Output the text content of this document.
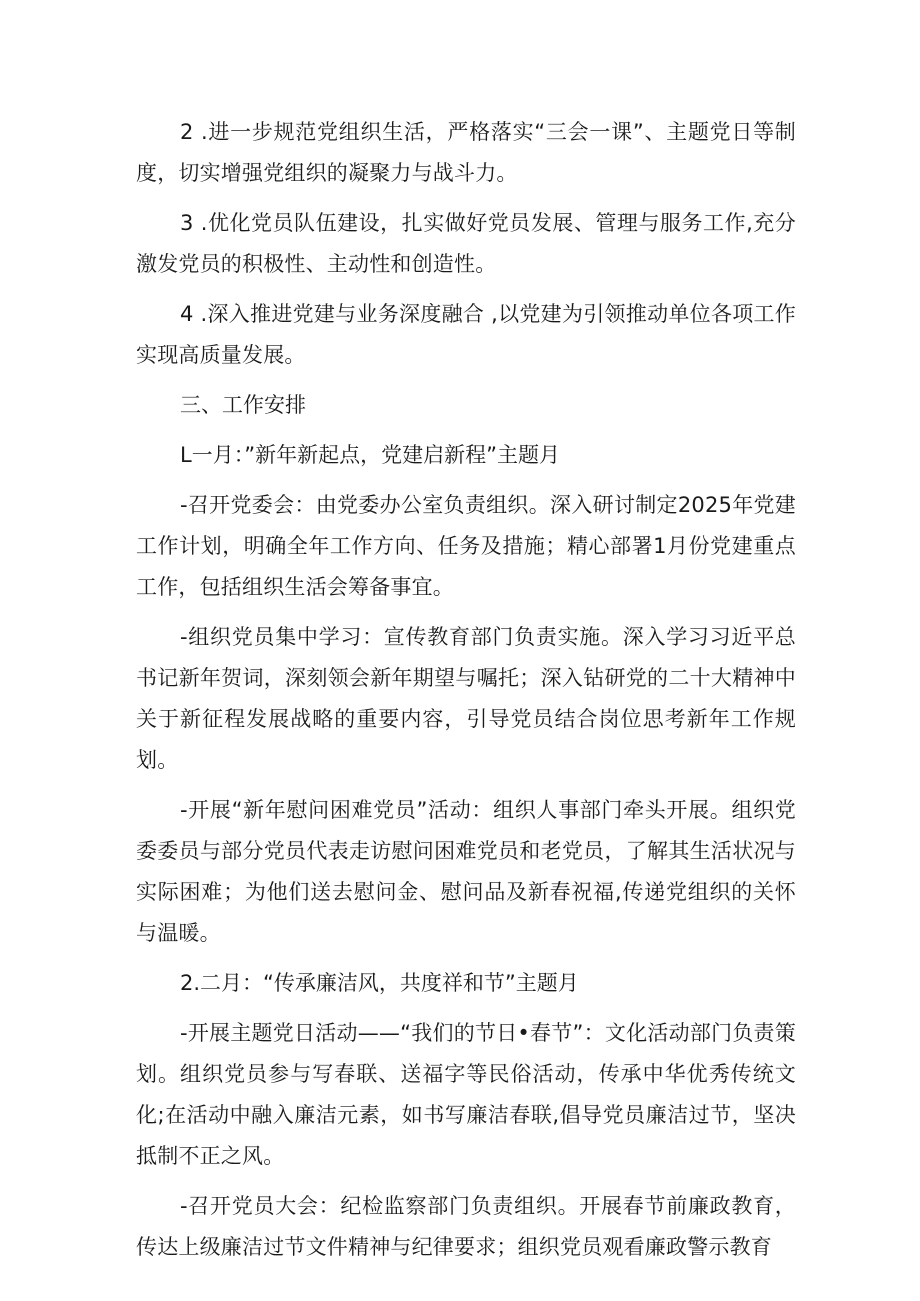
2 .进一步规范党组织生活，严格落实“三会一课”、主题党日等制度，切实增强党组织的凝聚力与战斗力。

3 .优化党员队伍建设，扎实做好党员发展、管理与服务工作,充分激发党员的积极性、主动性和创造性。

4 .深入推进党建与业务深度融合 ,以党建为引领推动单位各项工作实现高质量发展。

三、工作安排

L一月：”新年新起点，党建启新程”主题月

-召开党委会：由党委办公室负责组织。深入研讨制定2025年党建工作计划，明确全年工作方向、任务及措施；精心部署1月份党建重点工作，包括组织生活会筹备事宜。

-组织党员集中学习：宣传教育部门负责实施。深入学习习近平总书记新年贺词，深刻领会新年期望与嘱托；深入钻研党的二十大精神中关于新征程发展战略的重要内容，引导党员结合岗位思考新年工作规划。

-开展“新年慰问困难党员”活动：组织人事部门牵头开展。组织党委委员与部分党员代表走访慰问困难党员和老党员，了解其生活状况与实际困难；为他们送去慰问金、慰问品及新春祝福,传递党组织的关怀与温暖。

2.二月：“传承廉洁风，共度祥和节”主题月

-开展主题党日活动——“我们的节日•春节”：文化活动部门负责策划。组织党员参与写春联、送福字等民俗活动，传承中华优秀传统文化;在活动中融入廉洁元素，如书写廉洁春联,倡导党员廉洁过节，坚决抵制不正之风。

-召开党员大会：纪检监察部门负责组织。开展春节前廉政教育，传达上级廉洁过节文件精神与纪律要求；组织党员观看廉政警示教育
